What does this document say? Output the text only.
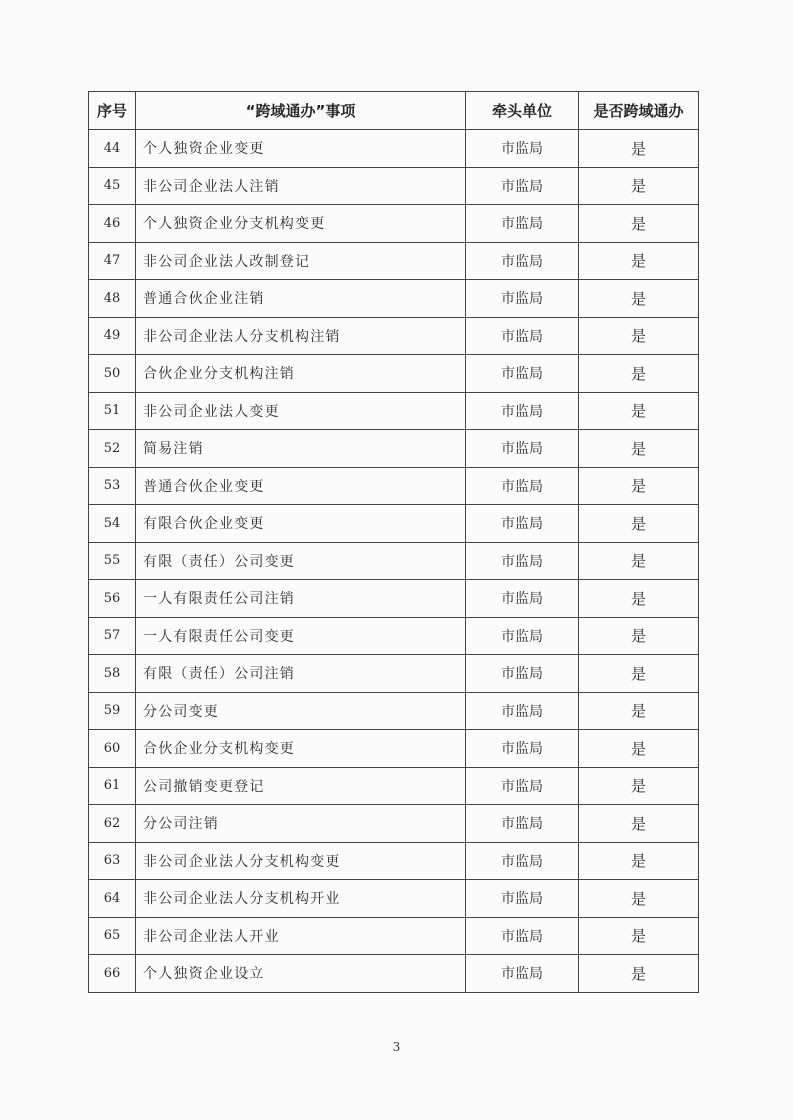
序号	“跨域通办”事项	牵头单位	是否跨域通办
44	个人独资企业变更	市监局	是
45	非公司企业法人注销	市监局	是
46	个人独资企业分支机构变更	市监局	是
47	非公司企业法人改制登记	市监局	是
48	普通合伙企业注销	市监局	是
49	非公司企业法人分支机构注销	市监局	是
50	合伙企业分支机构注销	市监局	是
51	非公司企业法人变更	市监局	是
52	简易注销	市监局	是
53	普通合伙企业变更	市监局	是
54	有限合伙企业变更	市监局	是
55	有限（责任）公司变更	市监局	是
56	一人有限责任公司注销	市监局	是
57	一人有限责任公司变更	市监局	是
58	有限（责任）公司注销	市监局	是
59	分公司变更	市监局	是
60	合伙企业分支机构变更	市监局	是
61	公司撤销变更登记	市监局	是
62	分公司注销	市监局	是
63	非公司企业法人分支机构变更	市监局	是
64	非公司企业法人分支机构开业	市监局	是
65	非公司企业法人开业	市监局	是
66	个人独资企业设立	市监局	是
3
